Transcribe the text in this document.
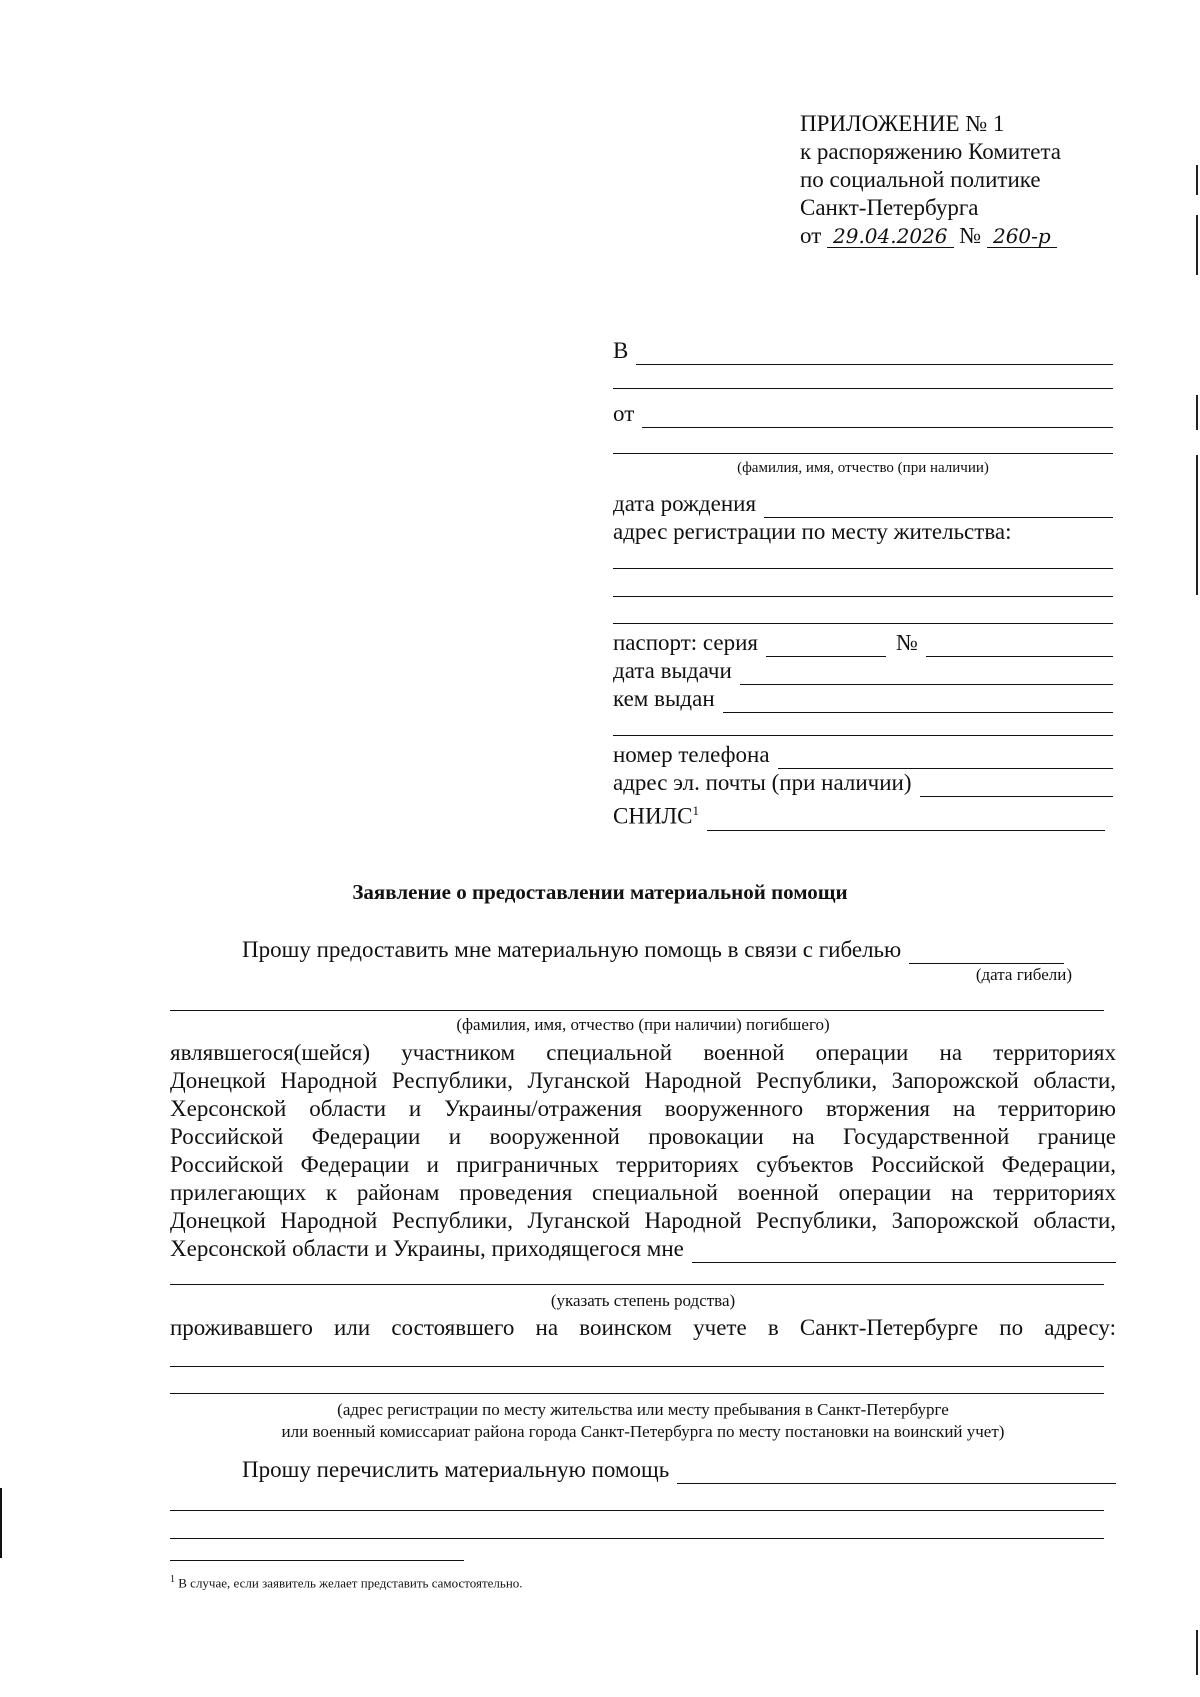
ПРИЛОЖЕНИЕ № 1
к распоряжению Комитета
по социальной политике
Санкт-Петербурга
от 29.04.2026 № 260-р
В
от
(фамилия, имя, отчество (при наличии)
дата рождения
адрес регистрации по месту жительства:
паспорт: серия	№
дата выдачи
кем выдан
номер телефона
адрес эл. почты (при наличии)
СНИЛС$^1$
Заявление о предоставлении материальной помощи
Прошу предоставить мне материальную помощь в связи с гибелью
(дата гибели)
(фамилия, имя, отчество (при наличии) погибшего)
являвшегося(шейся) участником специальной военной операции на территориях
Донецкой Народной Республики, Луганской Народной Республики, Запорожской области,
Херсонской области и Украины/отражения вооруженного вторжения на территорию
Российской Федерации и вооруженной провокации на Государственной границе
Российской Федерации и приграничных территориях субъектов Российской Федерации,
прилегающих к районам проведения специальной военной операции на территориях
Донецкой Народной Республики, Луганской Народной Республики, Запорожской области,
Херсонской области и Украины, приходящегося мне
(указать степень родства)
проживавшего или состоявшего на воинском учете в Санкт-Петербурге по адресу:
(адрес регистрации по месту жительства или месту пребывания в Санкт-Петербурге
или военный комиссариат района города Санкт-Петербурга по месту постановки на воинский учет)
Прошу перечислить материальную помощь
$^1$ В случае, если заявитель желает представить самостоятельно.
